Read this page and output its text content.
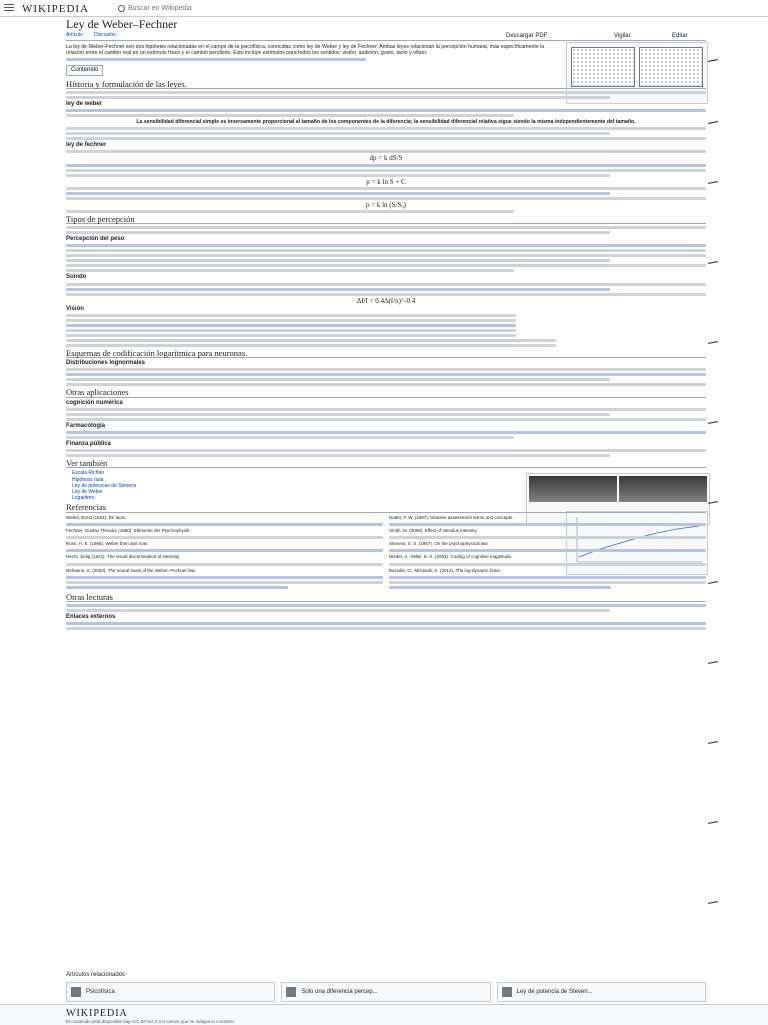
WIKIPEDIA	Buscar en Wikipedia
Ley de Weber–Fechner
Artículo Discusión	Descargar PDF	Vigilar	Editar

La ley de Weber-Fechner son dos hipótesis relacionadas en el campo de la psicofísica, conocidas como ley de Weber y ley de Fechner. Ambas leyes relacionan la percepción humana, más específicamente la relación entre el cambio real en un estímulo físico y el cambio percibido. Esto incluye estímulos para todos los sentidos: visión, audición, gusto, tacto y olfato.

Contenido
Historia y formulación de las leyes.
ley de weber

La sensibilidad diferencial simple es inversamente proporcional al tamaño de los componentes de la diferencia; la sensibilidad diferencial relativa sigue siendo la misma independientemente del tamaño.

ley de fechner
dp = k dS/S
p = k ln S + C
p = k ln (S/S₀)
Tipos de percepción
Percepción del peso
Sonido
ΔI/I = 0.4Δ(f/n)^-0.4
Visión
Esquemas de codificación logarítmica para neuronas.
Distribuciones lognormales
Otras aplicaciones
cognición numérica
Farmacología
Finanza pública
Ver también
Escala Richter
Hipótesis nula
Ley de potencias de Stevens
Ley de Weber
Logaritmo
Referencias
Weber, Ernst (1834). De tactu.
Fechner, Gustav Theodor (1860). Elemente der Psychophysik.
Ross, H. E. (1995). Weber then and now.
Hecht, Selig (1924). The visual discrimination of intensity.
Dehaene, S. (2003). The neural basis of the Weber–Fechner law.
Nutter, F. W. (1997). Disease assessment terms and concepts.
Smith, M. (2008). Effect of stimulus intensity.
Stevens, S. S. (1957). On the psychophysical law.
Nieder, A.; Miller, E. K. (2003). Coding of cognitive magnitude.
Buzsáki, G.; Mizuseki, K. (2014). The log-dynamic brain.
Otras lecturas
Enlaces externos
Artículos relacionados
Psicofísica	Solo una diferencia percep...	Ley de potencia de Steven...
WIKIPEDIA
El contenido está disponible bajo CC BY-SA 4.0 a menos que se indique lo contrario.
